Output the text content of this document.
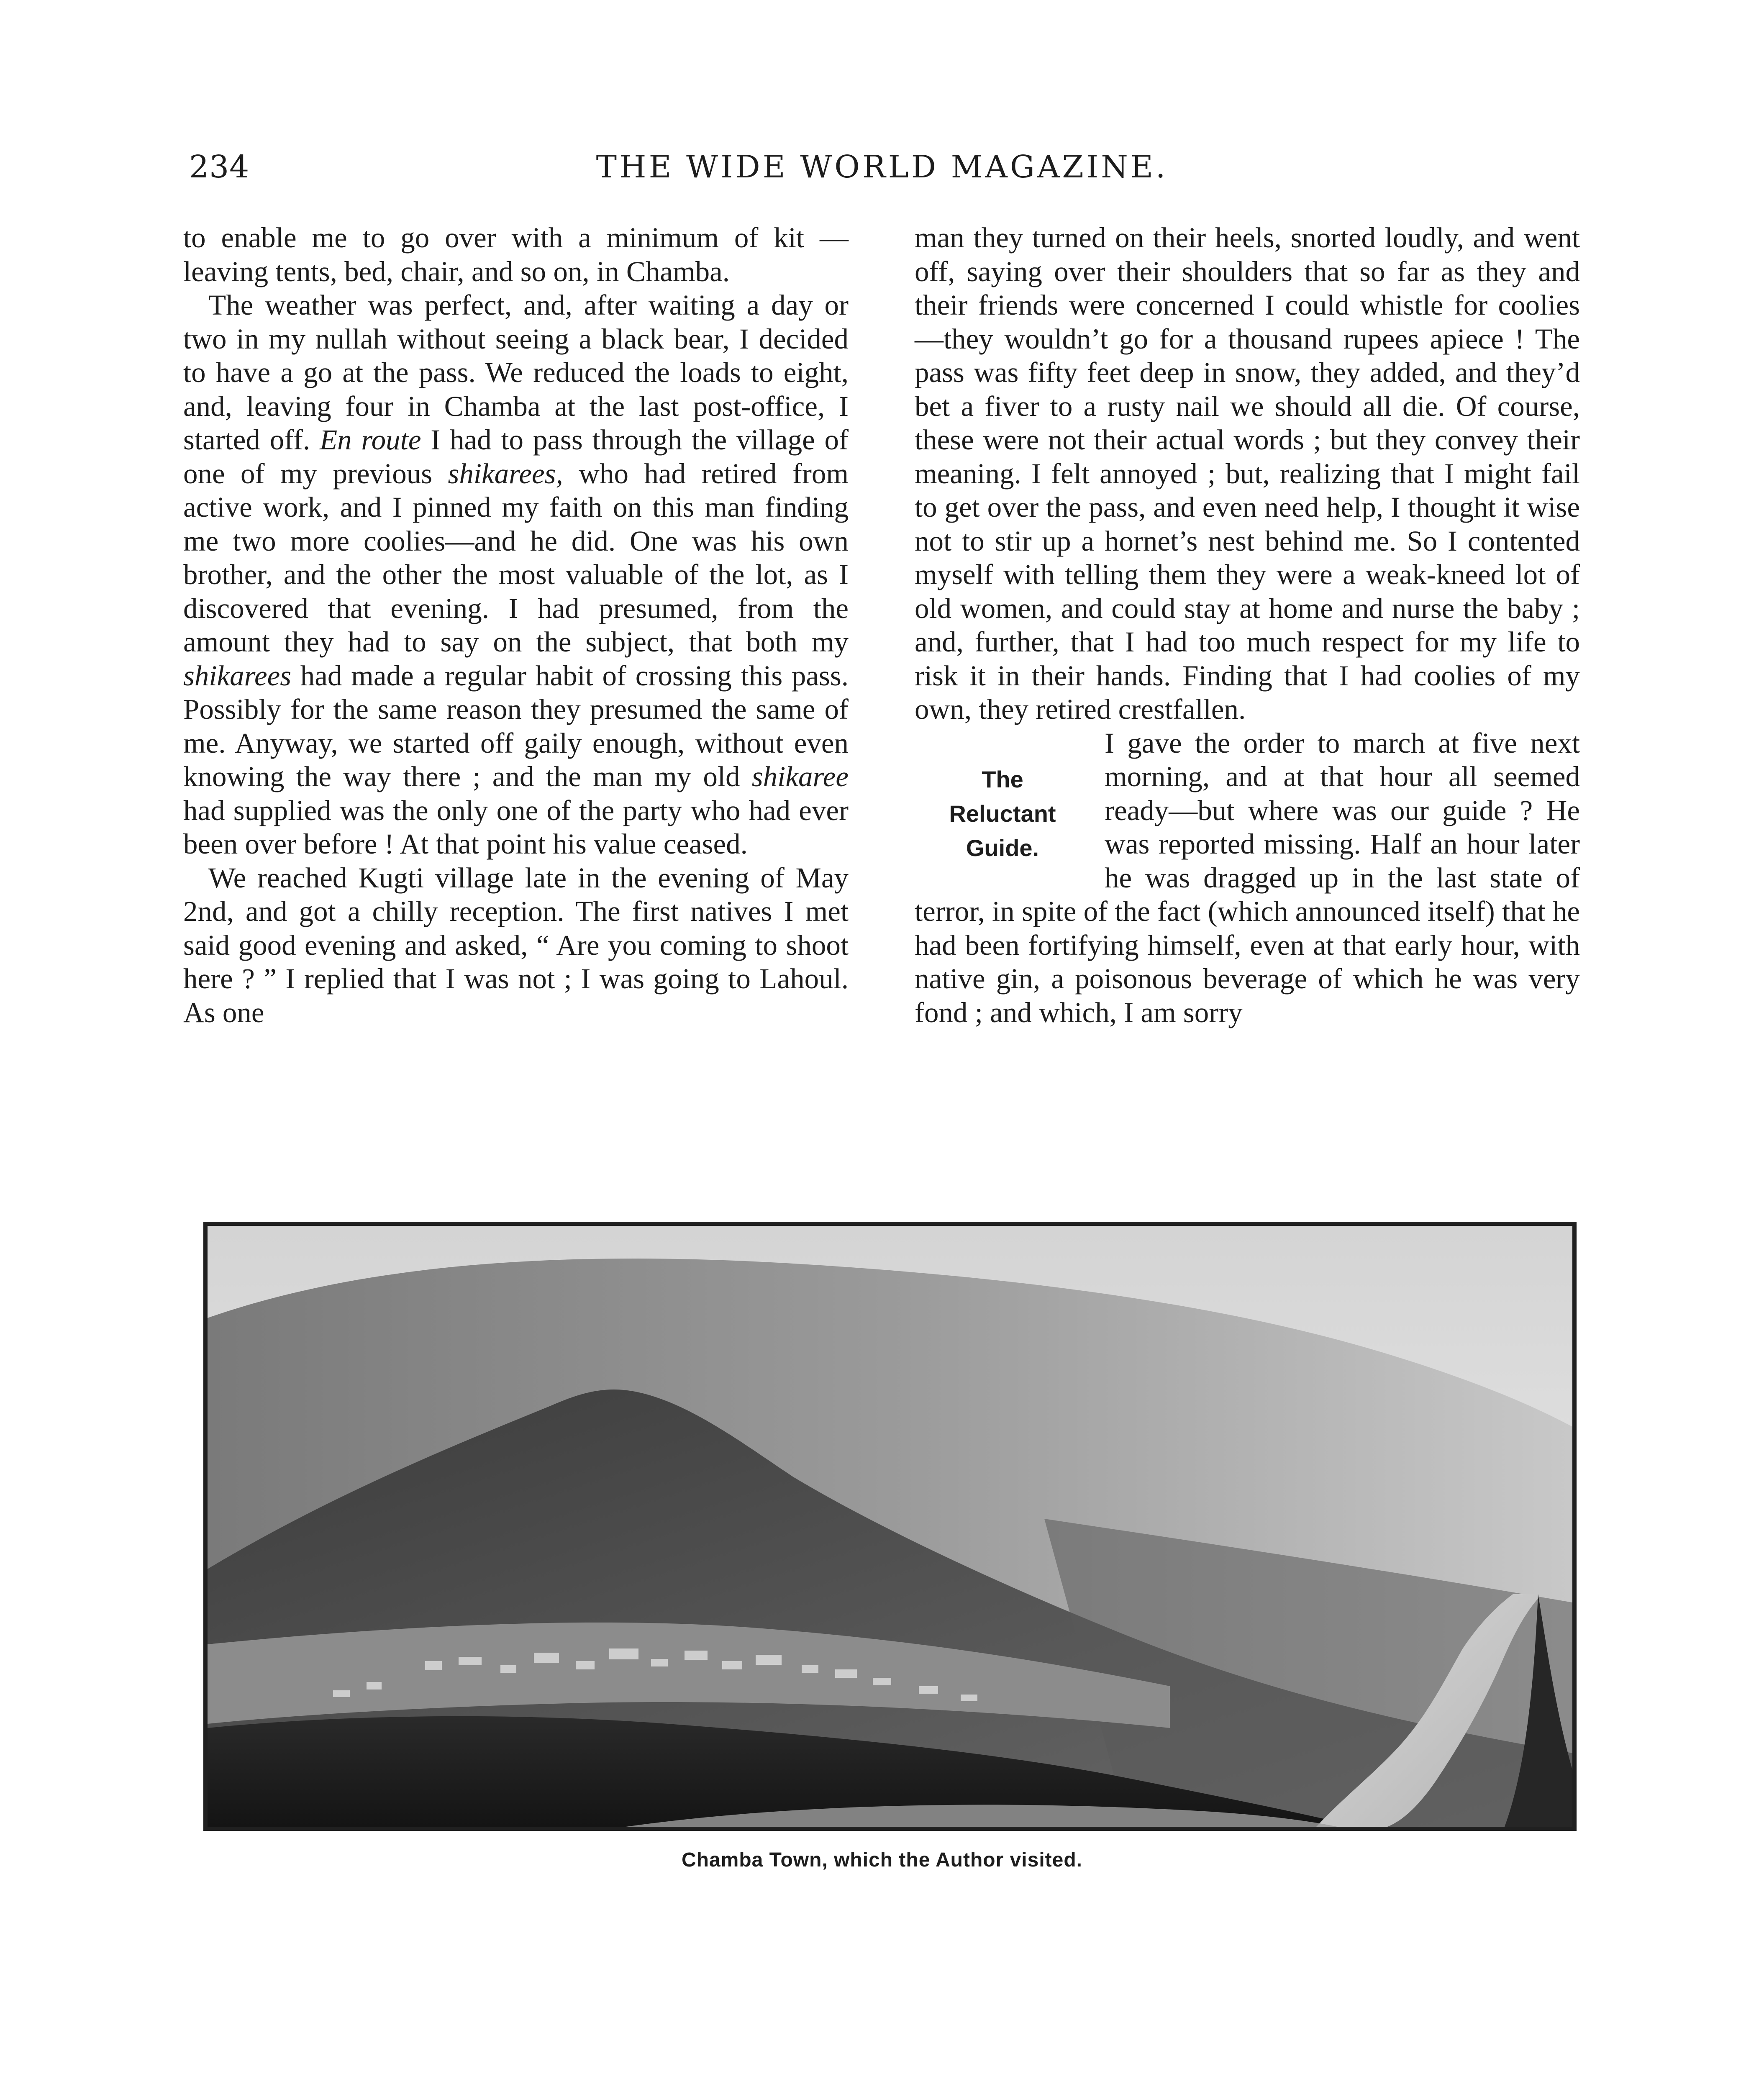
234	THE WIDE WORLD MAGAZINE.

to enable me to go over with a minimum of kit — leaving tents, bed, chair, and so on, in Chamba.

The weather was perfect, and, after waiting a day or two in my nullah without seeing a black bear, I decided to have a go at the pass. We reduced the loads to eight, and, leaving four in Chamba at the last post-office, I started off. En route I had to pass through the village of one of my previous shikarees, who had retired from active work, and I pinned my faith on this man finding me two more coolies—and he did. One was his own brother, and the other the most valuable of the lot, as I discovered that evening. I had presumed, from the amount they had to say on the subject, that both my shikarees had made a regular habit of crossing this pass. Possibly for the same reason they presumed the same of me. Anyway, we started off gaily enough, without even knowing the way there ; and the man my old shikaree had supplied was the only one of the party who had ever been over before ! At that point his value ceased.

We reached Kugti village late in the evening of May 2nd, and got a chilly reception. The first natives I met said good evening and asked, “ Are you coming to shoot here ? ” I replied that I was not ; I was going to Lahoul. As one

man they turned on their heels, snorted loudly, and went off, saying over their shoulders that so far as they and their friends were concerned I could whistle for coolies—they wouldn’t go for a thousand rupees apiece ! The pass was fifty feet deep in snow, they added, and they’d bet a fiver to a rusty nail we should all die. Of course, these were not their actual words ; but they convey their meaning. I felt annoyed ; but, realizing that I might fail to get over the pass, and even need help, I thought it wise not to stir up a hornet’s nest behind me. So I contented myself with telling them they were a weak-kneed lot of old women, and could stay at home and nurse the baby ; and, further, that I had too much respect for my life to risk it in their hands. Finding that I had coolies of my own, they retired crestfallen.

The
Reluctant
Guide.

I gave the order to march at five next morning, and at that hour all seemed ready—but where was our guide ? He was reported missing. Half an hour later he was dragged up in the last state of terror, in spite of the fact (which announced itself) that he had been fortifying himself, even at that early hour, with native gin, a poisonous beverage of which he was very fond ; and which, I am sorry

Chamba Town, which the Author visited.
